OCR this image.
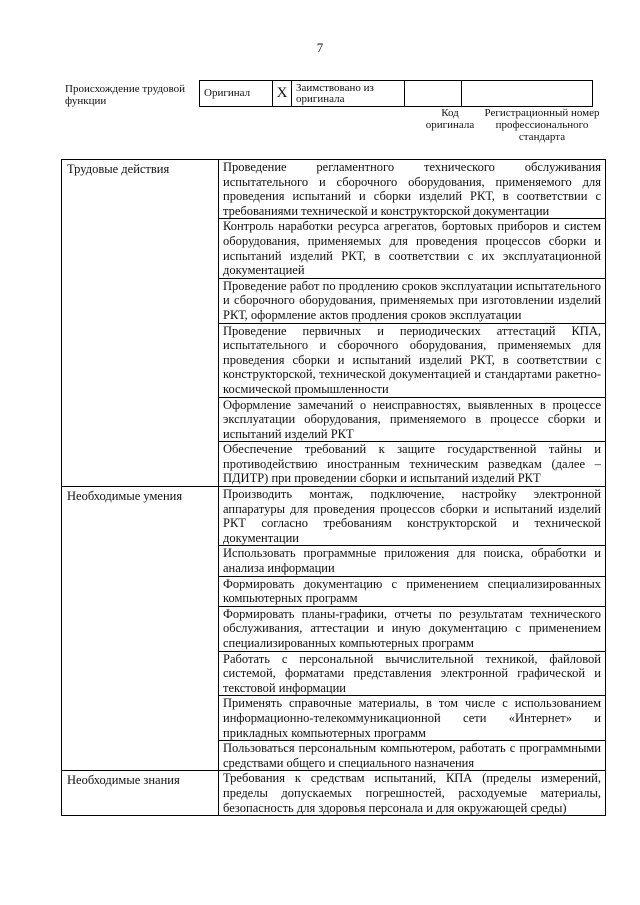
7
Происхождение трудовой функции
Оригинал	X	Заимствовано из оригинала		
Код оригинала
Регистрационный номер профессионального стандарта
Трудовые действия	Проведение регламентного технического обслуживания испытательного и сборочного оборудования, применяемого для проведения испытаний и сборки изделий РКТ, в соответствии с требованиями технической и конструкторской документации
	Контроль наработки ресурса агрегатов, бортовых приборов и систем оборудования, применяемых для проведения процессов сборки и испытаний изделий РКТ, в соответствии с их эксплуатационной документацией
	Проведение работ по продлению сроков эксплуатации испытательного и сборочного оборудования, применяемых при изготовлении изделий РКТ, оформление актов продления сроков эксплуатации
	Проведение первичных и периодических аттестаций КПА, испытательного и сборочного оборудования, применяемых для проведения сборки и испытаний изделий РКТ, в соответствии с конструкторской, технической документацией и стандартами ракетно-космической промышленности
	Оформление замечаний о неисправностях, выявленных в процессе эксплуатации оборудования, применяемого в процессе сборки и испытаний изделий РКТ
	Обеспечение требований к защите государственной тайны и противодействию иностранным техническим разведкам (далее – ПДИТР) при проведении сборки и испытаний изделий РКТ
Необходимые умения	Производить монтаж, подключение, настройку электронной аппаратуры для проведения процессов сборки и испытаний изделий РКТ согласно требованиям конструкторской и технической документации
	Использовать программные приложения для поиска, обработки и анализа информации
	Формировать документацию с применением специализированных компьютерных программ
	Формировать планы-графики, отчеты по результатам технического обслуживания, аттестации и иную документацию с применением специализированных компьютерных программ
	Работать с персональной вычислительной техникой, файловой системой, форматами представления электронной графической и текстовой информации
	Применять справочные материалы, в том числе с использованием информационно-телекоммуникационной сети «Интернет» и прикладных компьютерных программ
	Пользоваться персональным компьютером, работать с программными средствами общего и специального назначения
Необходимые знания	Требования к средствам испытаний, КПА (пределы измерений, пределы допускаемых погрешностей, расходуемые материалы, безопасность для здоровья персонала и для окружающей среды)
